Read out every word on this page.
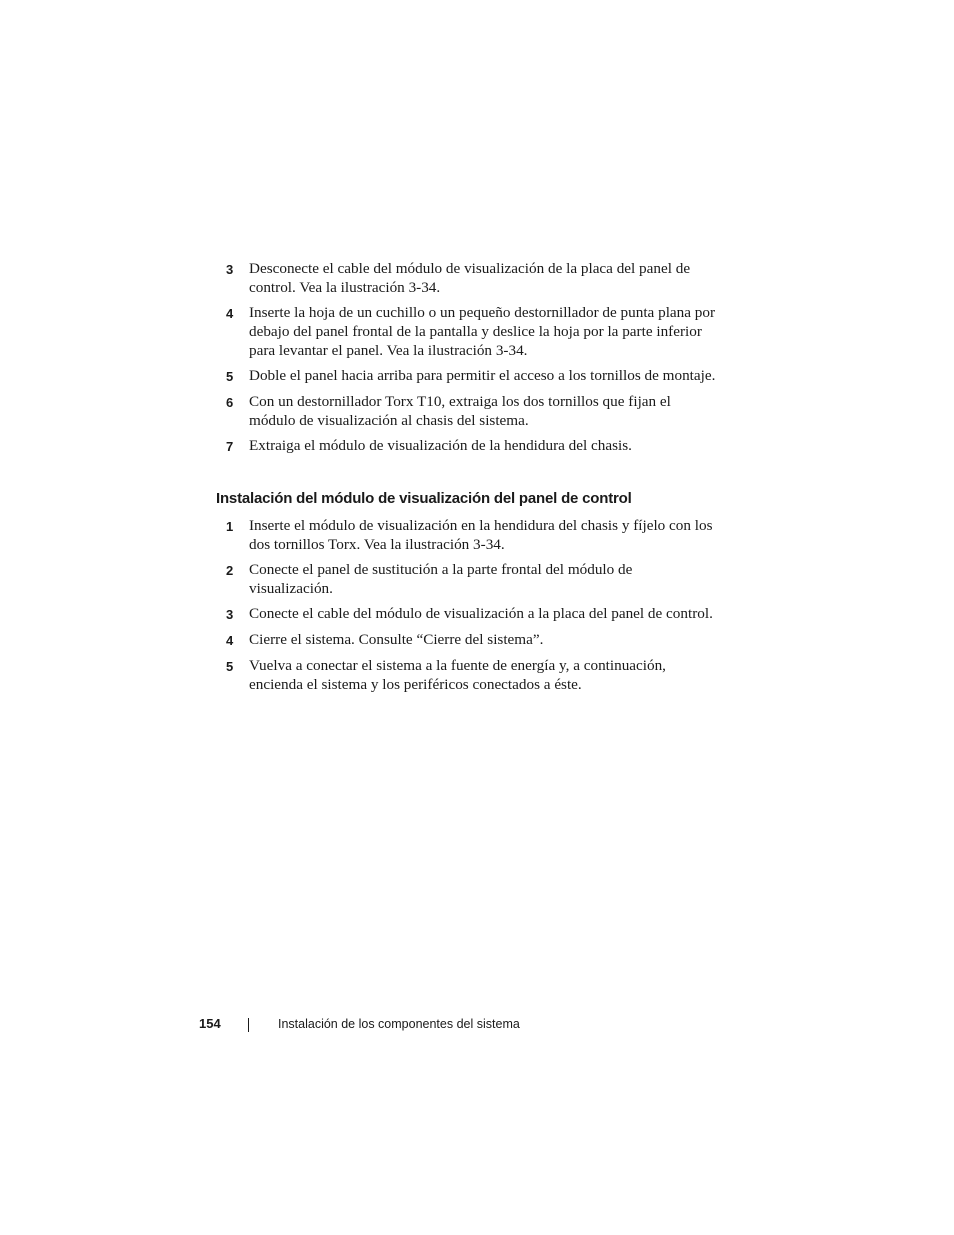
3	Desconecte el cable del módulo de visualización de la placa del panel de control. Vea la ilustración 3-34.
4	Inserte la hoja de un cuchillo o un pequeño destornillador de punta plana por debajo del panel frontal de la pantalla y deslice la hoja por la parte inferior para levantar el panel. Vea la ilustración 3-34.
5	Doble el panel hacia arriba para permitir el acceso a los tornillos de montaje.
6	Con un destornillador Torx T10, extraiga los dos tornillos que fijan el módulo de visualización al chasis del sistema.
7	Extraiga el módulo de visualización de la hendidura del chasis.
Instalación del módulo de visualización del panel de control
1	Inserte el módulo de visualización en la hendidura del chasis y fíjelo con los dos tornillos Torx. Vea la ilustración 3-34.
2	Conecte el panel de sustitución a la parte frontal del módulo de visualización.
3	Conecte el cable del módulo de visualización a la placa del panel de control.
4	Cierre el sistema. Consulte “Cierre del sistema”.
5	Vuelva a conectar el sistema a la fuente de energía y, a continuación, encienda el sistema y los periféricos conectados a éste.
154	Instalación de los componentes del sistema
